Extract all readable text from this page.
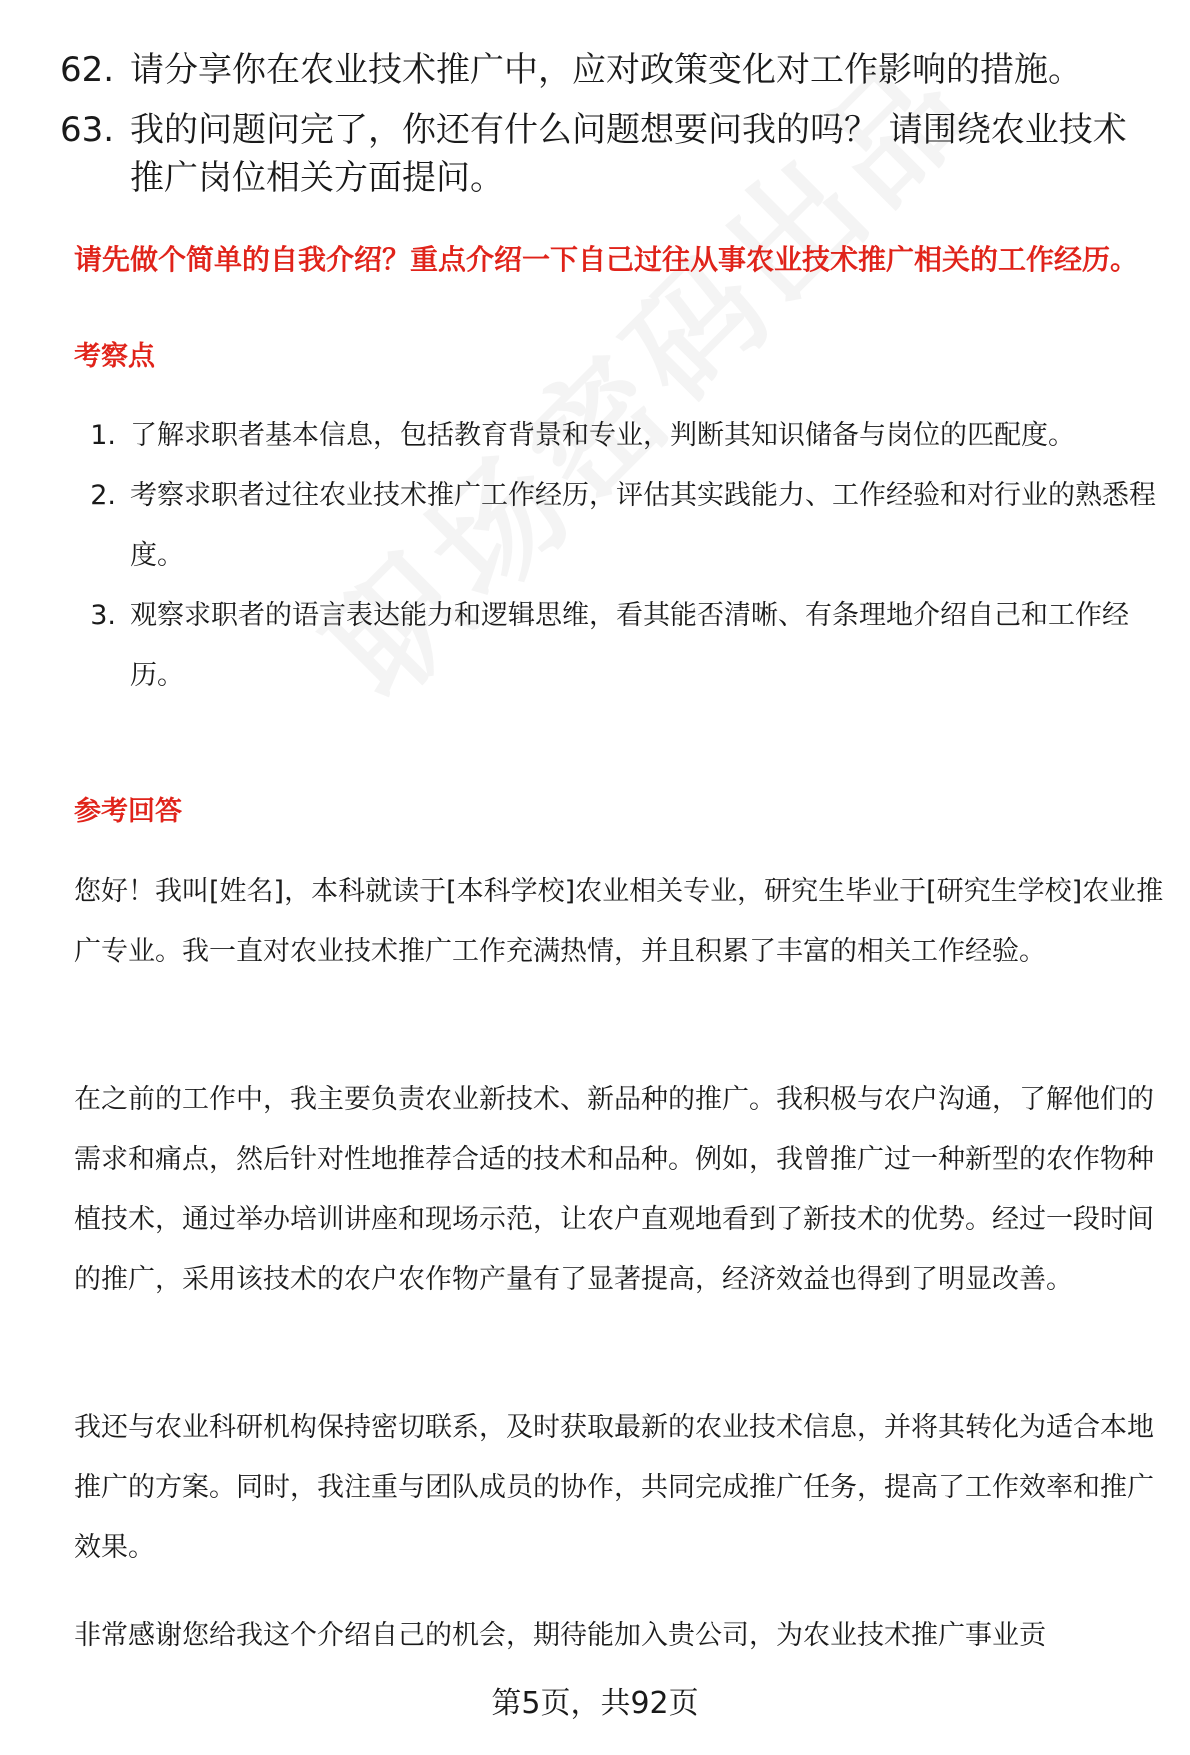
62. 请分享你在农业技术推广中，应对政策变化对工作影响的措施。
63. 我的问题问完了，你还有什么问题想要问我的吗？ 请围绕农业技术推广岗位相关方面提问。
请先做个简单的自我介绍？重点介绍一下自己过往从事农业技术推广相关的工作经历。
考察点
1. 了解求职者基本信息，包括教育背景和专业，判断其知识储备与岗位的匹配度。
2. 考察求职者过往农业技术推广工作经历，评估其实践能力、工作经验和对行业的熟悉程度。
3. 观察求职者的语言表达能力和逻辑思维，看其能否清晰、有条理地介绍自己和工作经历。
参考回答
您好！我叫[姓名]，本科就读于[本科学校]农业相关专业，研究生毕业于[研究生学校]农业推广专业。我一直对农业技术推广工作充满热情，并且积累了丰富的相关工作经验。
在之前的工作中，我主要负责农业新技术、新品种的推广。我积极与农户沟通，了解他们的需求和痛点，然后针对性地推荐合适的技术和品种。例如，我曾推广过一种新型的农作物种植技术，通过举办培训讲座和现场示范，让农户直观地看到了新技术的优势。经过一段时间的推广，采用该技术的农户农作物产量有了显著提高，经济效益也得到了明显改善。
我还与农业科研机构保持密切联系，及时获取最新的农业技术信息，并将其转化为适合本地推广的方案。同时，我注重与团队成员的协作，共同完成推广任务，提高了工作效率和推广效果。
非常感谢您给我这个介绍自己的机会，期待能加入贵公司，为农业技术推广事业贡
第5页，共92页
